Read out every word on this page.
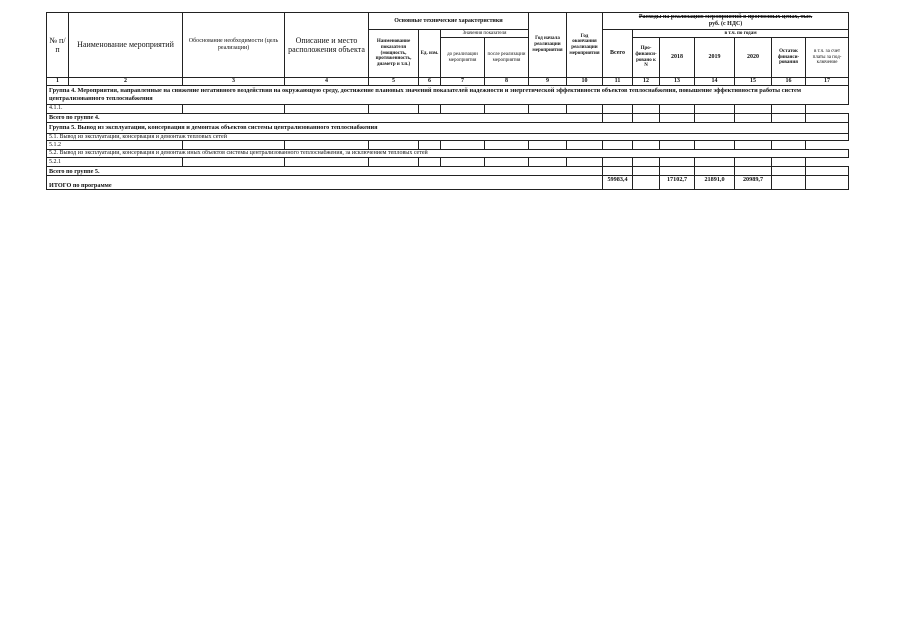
№ п/п	Наименование мероприятий	Обоснование необходимости (цель реализации)	Описание и место расположения объекта	Основные технические характеристики				Год начала реализации мероприятия	Год окончания реализации мероприятия	Расходы на реализацию мероприятий в прогнозных ценах, тыс.
руб. (с НДС)						
				Наименование показателя (мощность, протяженность, диаметр и т.п.)	Ед. изм.	Значения показателя				Всего	в т.ч. по годам					
						до реализации мероприятия	после реализации мероприятия				Про-финанси-ровано к N	2018	2019	2020	Остаток финанси-рования	в т.ч. за счет платы за под-ключение

1	2	3	4	5	6	7	8	9	10	11	12	13	14	15	16	17
Группа 4. Мероприятия, направленные на снижение негативного воздействия на окружающую среду, достижение плановых значений показателей надежности и энергетической эффективности объектов теплоснабжения, повышение эффективности работы систем централизованного теплоснабжения																
4.1.1.																
Всего по группе 4.																
Группа 5. Вывод из эксплуатации, консервация и демонтаж объектов системы централизованного теплоснабжения																
5.1. Вывод из эксплуатации, консервация и демонтаж тепловых сетей																
5.1.2																
5.2. Вывод из эксплуатации, консервация и демонтаж иных объектов системы централизованного теплоснабжения, за исключением тепловых сетей																
5.2.1																
Всего по группе 5.																
ИТОГО по программе										59983,4		17102,7	21891,0	20989,7		
